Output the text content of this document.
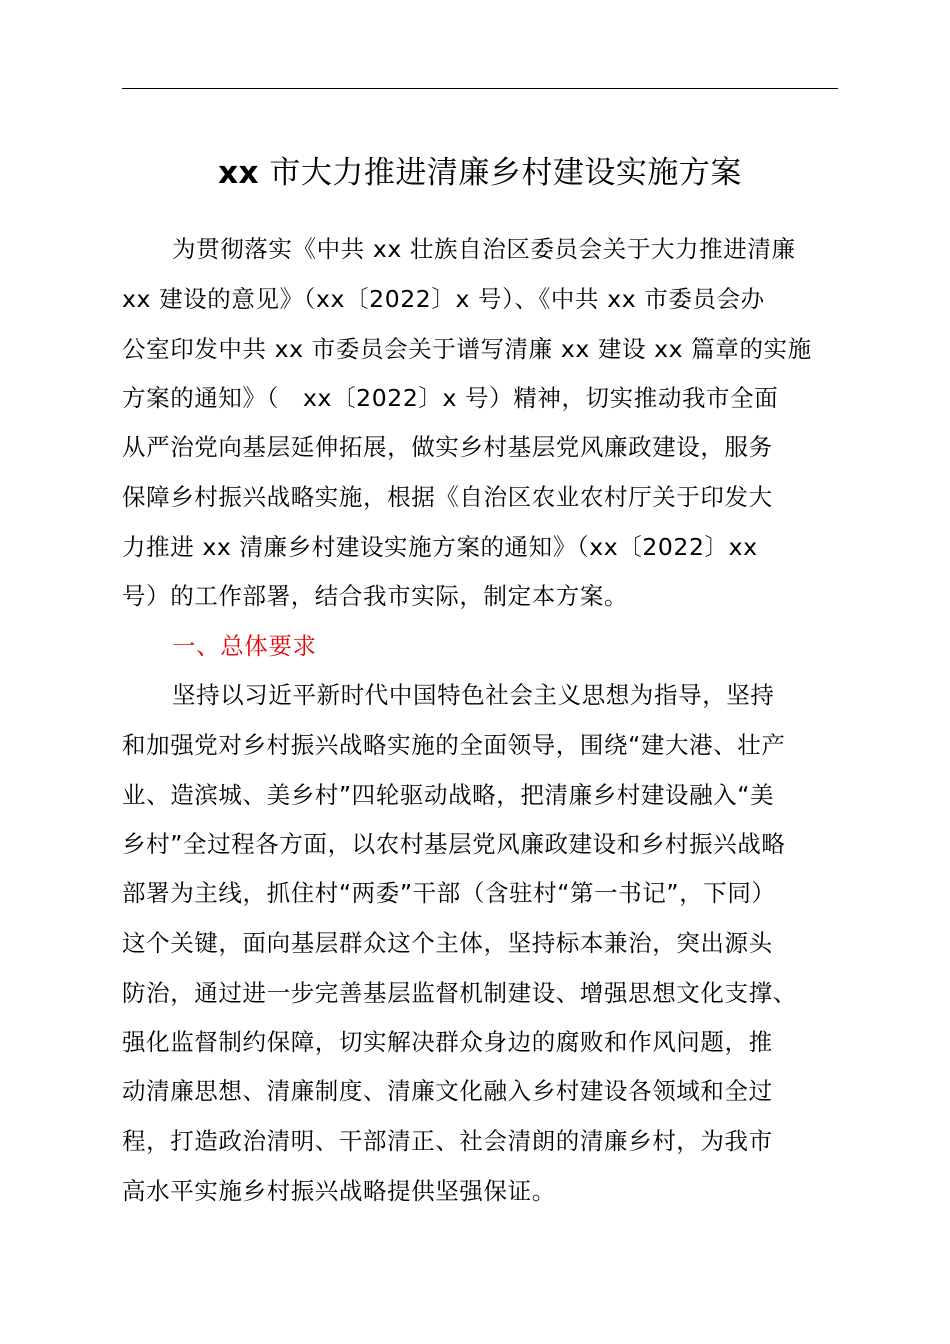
xx 市大力推进清廉乡村建设实施方案

为贯彻落实《中共 xx 壮族自治区委员会关于大力推进清廉

xx 建设的意见》（xx〔2022〕x 号）、《中共 xx 市委员会办

公室印发中共 xx 市委员会关于谱写清廉 xx 建设 xx 篇章的实施

方案的通知》（　xx〔2022〕x 号）精神，切实推动我市全面

从严治党向基层延伸拓展，做实乡村基层党风廉政建设，服务

保障乡村振兴战略实施，根据《自治区农业农村厅关于印发大

力推进 xx 清廉乡村建设实施方案的通知》（xx〔2022〕xx

号）的工作部署，结合我市实际，制定本方案。

一、总体要求

坚持以习近平新时代中国特色社会主义思想为指导，坚持

和加强党对乡村振兴战略实施的全面领导，围绕“建大港、壮产

业、造滨城、美乡村”四轮驱动战略，把清廉乡村建设融入“美

乡村”全过程各方面，以农村基层党风廉政建设和乡村振兴战略

部署为主线，抓住村“两委”干部（含驻村“第一书记”，下同）

这个关键，面向基层群众这个主体，坚持标本兼治，突出源头

防治，通过进一步完善基层监督机制建设、增强思想文化支撑、

强化监督制约保障，切实解决群众身边的腐败和作风问题，推

动清廉思想、清廉制度、清廉文化融入乡村建设各领域和全过

程，打造政治清明、干部清正、社会清朗的清廉乡村，为我市

高水平实施乡村振兴战略提供坚强保证。
